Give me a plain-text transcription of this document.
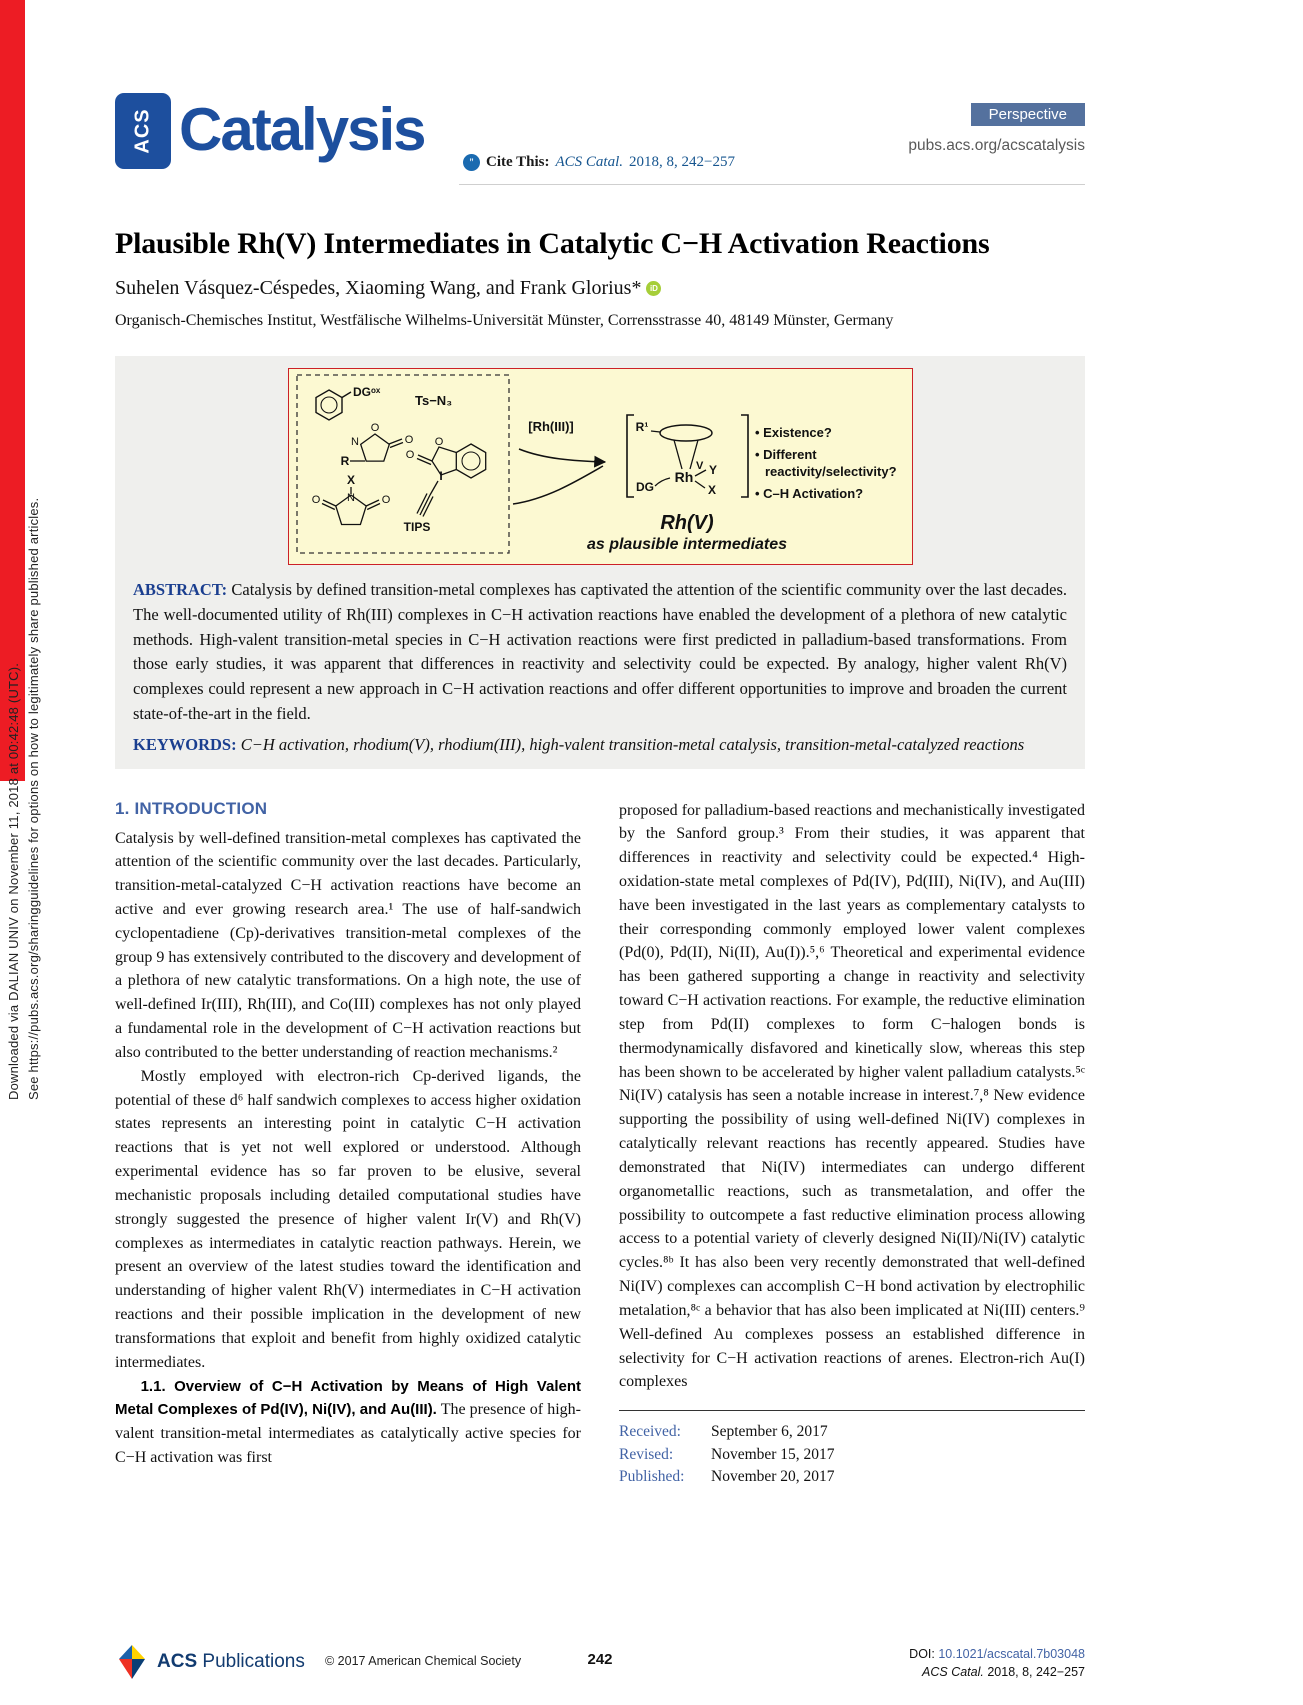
Downloaded via DALIAN UNIV on November 11, 2018 at 00:42:48 (UTC). See https://pubs.acs.org/sharingguidelines for options on how to legitimately share published articles.
ACS Catalysis	” Cite This: ACS Catal. 2018, 8, 242−257
Perspective
pubs.acs.org/acscatalysis
Plausible Rh(V) Intermediates in Catalytic C−H Activation Reactions
Suhelen Vásquez-Céspedes, Xiaoming Wang, and Frank Glorius*	iD
Organisch-Chemisches Institut, Westfälische Wilhelms-Universität Münster, Corrensstrasse 40, 48149 Münster, Germany
DGᵒˣ
Ts−N₃
O
N
R
O
N
X
O	O
O
I
O
TIPS
[Rh(III)]	R¹
Rh
V Y
X
DG
• Existence?
• Different
reactivity/selectivity?
• C–H Activation?
Rh(V)
as plausible intermediates

ABSTRACT: Catalysis by defined transition-metal complexes has captivated the attention of the scientific community over the last decades. The well-documented utility of Rh(III) complexes in C−H activation reactions have enabled the development of a plethora of new catalytic methods. High-valent transition-metal species in C−H activation reactions were first predicted in palladium-based transformations. From those early studies, it was apparent that differences in reactivity and selectivity could be expected. By analogy, higher valent Rh(V) complexes could represent a new approach in C−H activation reactions and offer different opportunities to improve and broaden the current state-of-the-art in the field.

KEYWORDS: C−H activation, rhodium(V), rhodium(III), high-valent transition-metal catalysis, transition-metal-catalyzed reactions

1. INTRODUCTION

Catalysis by well-defined transition-metal complexes has captivated the attention of the scientific community over the last decades. Particularly, transition-metal-catalyzed C−H activation reactions have become an active and ever growing research area.¹ The use of half-sandwich cyclopentadiene (Cp)-derivatives transition-metal complexes of the group 9 has extensively contributed to the discovery and development of a plethora of new catalytic transformations. On a high note, the use of well-defined Ir(III), Rh(III), and Co(III) complexes has not only played a fundamental role in the development of C−H activation reactions but also contributed to the better understanding of reaction mechanisms.²

Mostly employed with electron-rich Cp-derived ligands, the potential of these d⁶ half sandwich complexes to access higher oxidation states represents an interesting point in catalytic C−H activation reactions that is yet not well explored or understood. Although experimental evidence has so far proven to be elusive, several mechanistic proposals including detailed computational studies have strongly suggested the presence of higher valent Ir(V) and Rh(V) complexes as intermediates in catalytic reaction pathways. Herein, we present an overview of the latest studies toward the identification and understanding of higher valent Rh(V) intermediates in C−H activation reactions and their possible implication in the development of new transformations that exploit and benefit from highly oxidized catalytic intermediates.

1.1. Overview of C−H Activation by Means of High Valent Metal Complexes of Pd(IV), Ni(IV), and Au(III). The presence of high-valent transition-metal intermediates as catalytically active species for C−H activation was first

proposed for palladium-based reactions and mechanistically investigated by the Sanford group.³ From their studies, it was apparent that differences in reactivity and selectivity could be expected.⁴ High-oxidation-state metal complexes of Pd(IV), Pd(III), Ni(IV), and Au(III) have been investigated in the last years as complementary catalysts to their corresponding commonly employed lower valent complexes (Pd(0), Pd(II), Ni(II), Au(I)).⁵,⁶ Theoretical and experimental evidence has been gathered supporting a change in reactivity and selectivity toward C−H activation reactions. For example, the reductive elimination step from Pd(II) complexes to form C−halogen bonds is thermodynamically disfavored and kinetically slow, whereas this step has been shown to be accelerated by higher valent palladium catalysts.⁵ᶜ Ni(IV) catalysis has seen a notable increase in interest.⁷,⁸ New evidence supporting the possibility of using well-defined Ni(IV) complexes in catalytically relevant reactions has recently appeared. Studies have demonstrated that Ni(IV) intermediates can undergo different organometallic reactions, such as transmetalation, and offer the possibility to outcompete a fast reductive elimination process allowing access to a potential variety of cleverly designed Ni(II)/Ni(IV) catalytic cycles.⁸ᵇ It has also been very recently demonstrated that well-defined Ni(IV) complexes can accomplish C−H bond activation by electrophilic metalation,⁸ᶜ a behavior that has also been implicated at Ni(III) centers.⁹ Well-defined Au complexes possess an established difference in selectivity for C−H activation reactions of arenes. Electron-rich Au(I) complexes

Received:	September 6, 2017
Revised:	November 15, 2017
Published:	November 20, 2017
ACS Publications © 2017 American Chemical Society	242	DOI: 10.1021/acscatal.7b03048
ACS Catal. 2018, 8, 242−257
